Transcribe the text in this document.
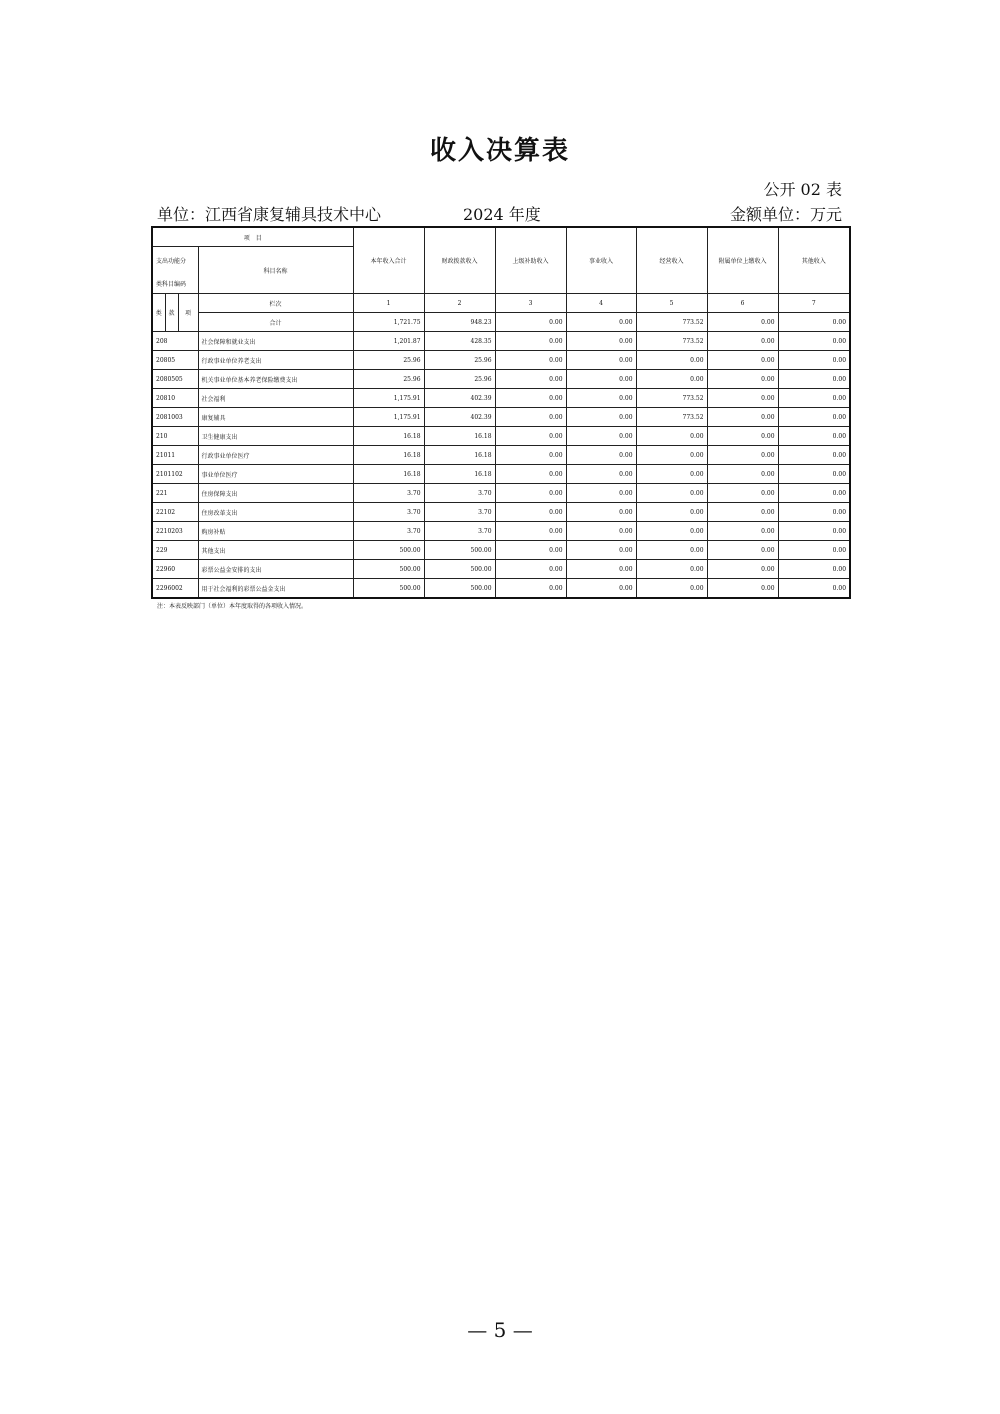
收入决算表
公开 02 表
单位：江西省康复辅具技术中心	2024 年度	金额单位：万元
项　目				本年收入合计	财政拨款收入	上级补助收入	事业收入	经营收入	附属单位上缴收入	其他收入
支出功能分			科目名称							
类科目编码										
类	款	项	栏次	1	2	3	4	5	6	7
			合计	1,721.75	948.23	0.00	0.00	773.52	0.00	0.00
208			社会保障和就业支出	1,201.87	428.35	0.00	0.00	773.52	0.00	0.00
20805			行政事业单位养老支出	25.96	25.96	0.00	0.00	0.00	0.00	0.00
2080505			机关事业单位基本养老保险缴费支出	25.96	25.96	0.00	0.00	0.00	0.00	0.00
20810			社会福利	1,175.91	402.39	0.00	0.00	773.52	0.00	0.00
2081003			康复辅具	1,175.91	402.39	0.00	0.00	773.52	0.00	0.00
210			卫生健康支出	16.18	16.18	0.00	0.00	0.00	0.00	0.00
21011			行政事业单位医疗	16.18	16.18	0.00	0.00	0.00	0.00	0.00
2101102			事业单位医疗	16.18	16.18	0.00	0.00	0.00	0.00	0.00
221			住房保障支出	3.70	3.70	0.00	0.00	0.00	0.00	0.00
22102			住房改革支出	3.70	3.70	0.00	0.00	0.00	0.00	0.00
2210203			购房补贴	3.70	3.70	0.00	0.00	0.00	0.00	0.00
229			其他支出	500.00	500.00	0.00	0.00	0.00	0.00	0.00
22960			彩票公益金安排的支出	500.00	500.00	0.00	0.00	0.00	0.00	0.00
2296002			用于社会福利的彩票公益金支出	500.00	500.00	0.00	0.00	0.00	0.00	0.00
注：本表反映部门（单位）本年度取得的各项收入情况。
— 5 —
